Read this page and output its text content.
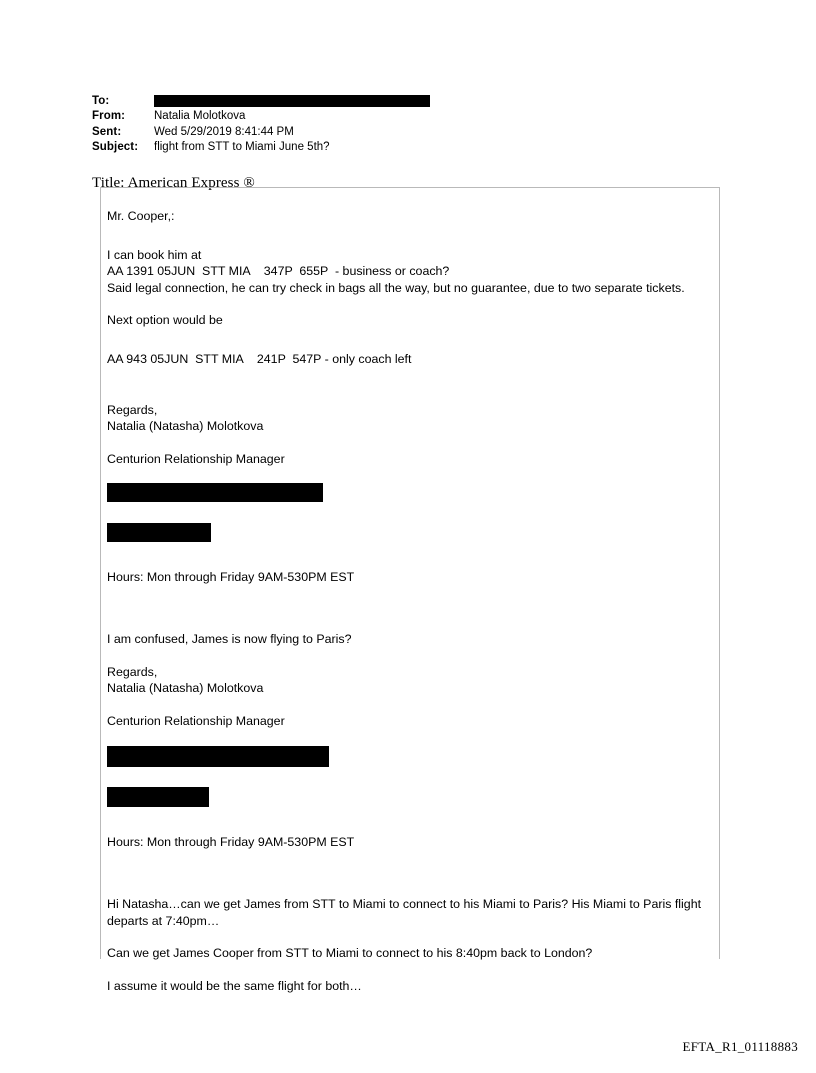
To:
From:	Natalia Molotkova
Sent:	Wed 5/29/2019 8:41:44 PM
Subject:	flight from STT to Miami June 5th?
Title: American Express ®

Mr. Cooper,:

I can book him at

AA 1391 05JUN  STT MIA    347P  655P  - business or coach?

Said legal connection, he can try check in bags all the way, but no guarantee, due to two separate tickets.

Next option would be

AA 943 05JUN  STT MIA    241P  547P - only coach left

Regards,

Natalia (Natasha) Molotkova

Centurion Relationship Manager

Hours: Mon through Friday 9AM-530PM EST

I am confused, James is now flying to Paris?

Regards,

Natalia (Natasha) Molotkova

Centurion Relationship Manager

Hours: Mon through Friday 9AM-530PM EST

Hi Natasha…can we get James from STT to Miami to connect to his Miami to Paris? His Miami to Paris flight departs at 7:40pm…

Can we get James Cooper from STT to Miami to connect to his 8:40pm back to London?

I assume it would be the same flight for both…

EFTA_R1_01118883
